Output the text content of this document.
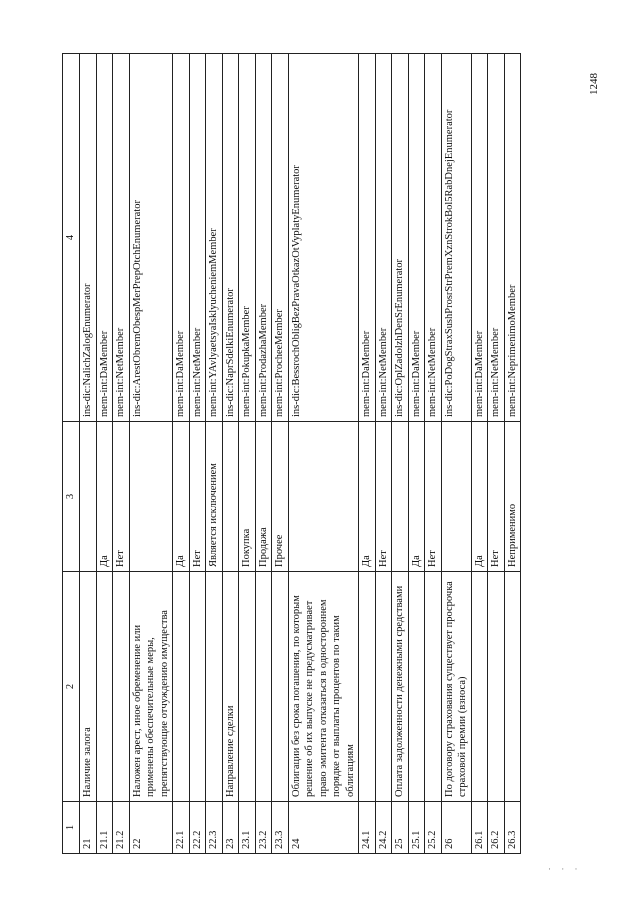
1248
1	2	3	4
21	Наличие залога		ins-dic:NalichZalogEnumerator
21.1		Да	mem-int:DaMember
21.2		Нет	mem-int:NetMember
22	Наложен арест, иное обременение или применены обеспечительные меры, препятствующие отчуждению имущества		ins-dic:ArestObremObespMerPrepOtchEnumerator
22.1		Да	mem-int:DaMember
22.2		Нет	mem-int:NetMember
22.3		Является исключением	mem-int:YAvlyaetsyaIsklyucheniemMember
23	Направление сделки		ins-dic:NaprSdelkiEnumerator
23.1		Покупка	mem-int:PokupkaMember
23.2		Продажа	mem-int:ProdazhaMember
23.3		Прочее	mem-int:ProcheeMember
24	Облигации без срока погашения, по которым решение об их выпуске не предусматривает право эмитента отказаться в одностороннем порядке от выплаты процентов по таким облигациям		ins-dic:BessrochObligBezPravaOtkazOtVyplatyEnumerator
24.1		Да	mem-int:DaMember
24.2		Нет	mem-int:NetMember
25	Оплата задолженности денежными средствами		ins-dic:OplZadolzhDenSrEnumerator
25.1		Да	mem-int:DaMember
25.2		Нет	mem-int:NetMember
26	По договору страхования существует просрочка страховой премии (взноса)		ins-dic:PoDogStraxSushProsrStrPremXznStrokBol5RabDnejEnumerator
26.1		Да	mem-int:DaMember
26.2		Нет	mem-int:NetMember
26.3		Неприменимо	mem-int:NeprimenimoMember
· · ·
